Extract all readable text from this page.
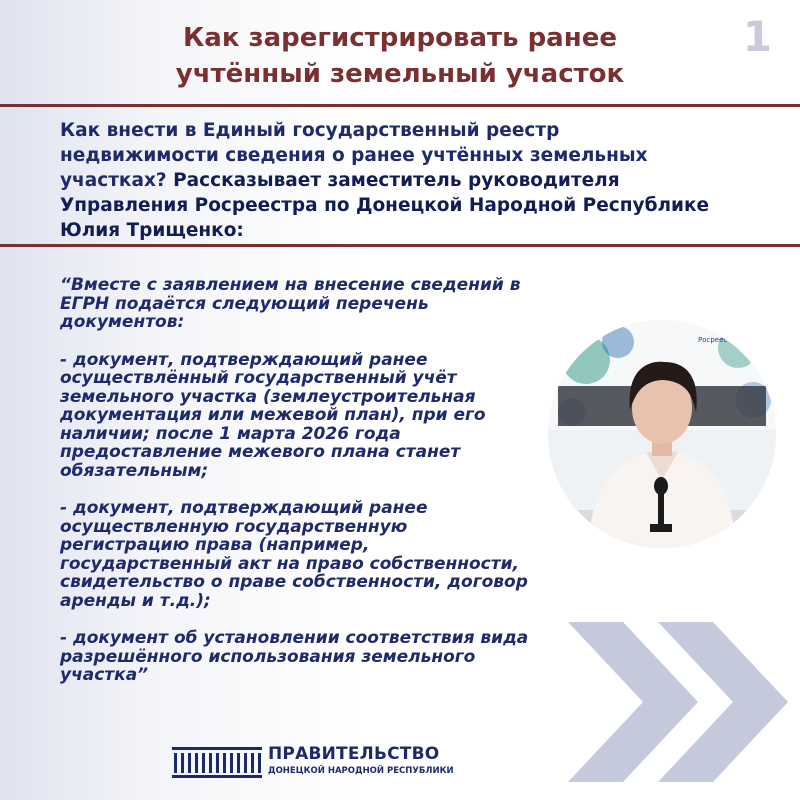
Как зарегистрировать ранее
учтённый земельный участок
1
Как внести в Единый государственный реестр недвижимости сведения о ранее учтённых земельных участках? Рассказывает заместитель руководителя Управления Росреестра по Донецкой Народной Республике Юлия Трищенко:

“Вместе с заявлением на внесение сведений в ЕГРН подаётся следующий перечень документов:

- документ, подтверждающий ранее осуществлённый государственный учёт земельного участка (землеустроительная документация или межевой план), при его наличии; после 1 марта 2026 года предоставление межевого плана станет обязательным;

- документ, подтверждающий ранее осуществленную государственную регистрацию права (например, государственный акт на право собственности, свидетельство о праве собственности, договор аренды и т.д.);

- документ об установлении соответствия вида разрешённого использования земельного участка”

Росреестр
ПРАВИТЕЛЬСТВО
ДОНЕЦКОЙ НАРОДНОЙ РЕСПУБЛИКИ
